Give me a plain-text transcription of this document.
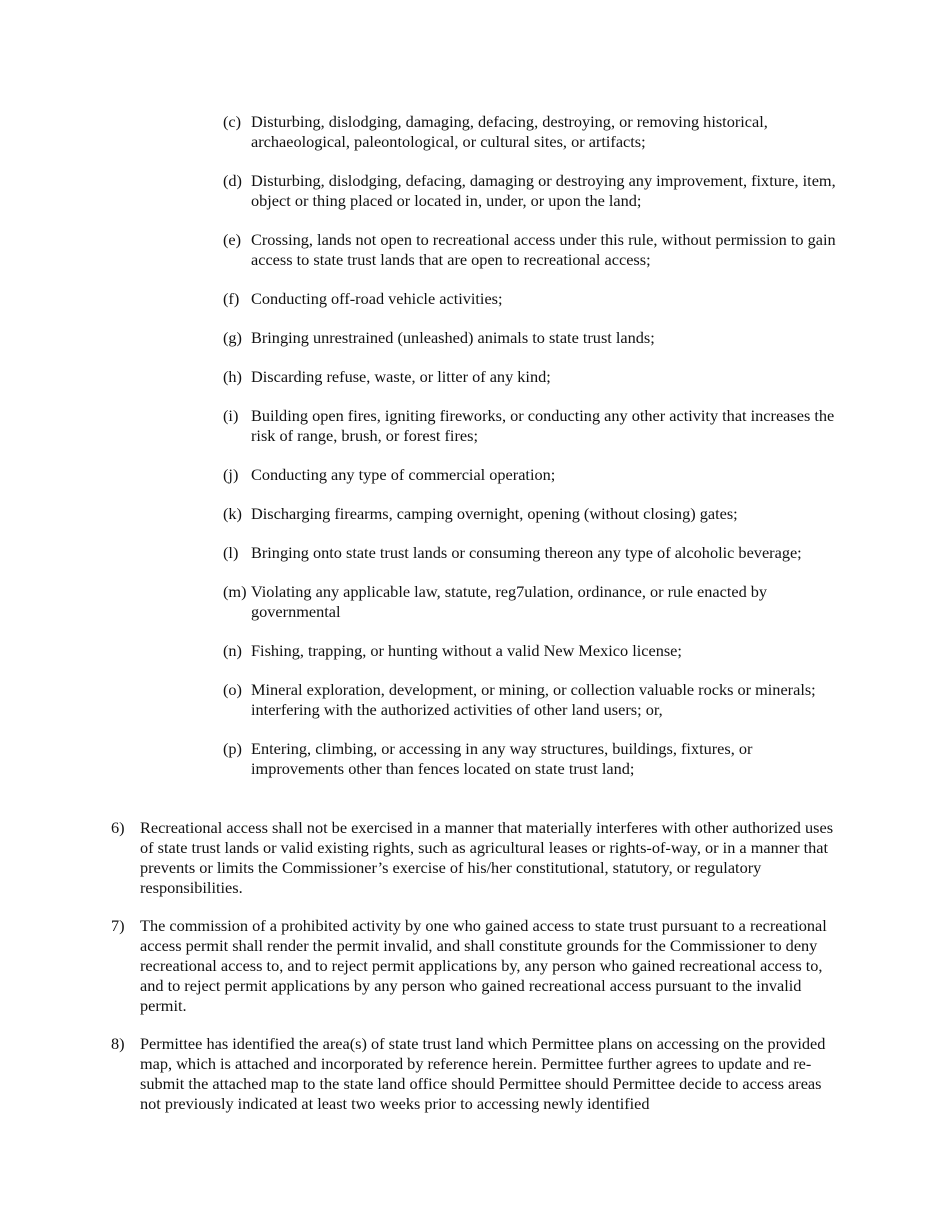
(c) Disturbing, dislodging, damaging, defacing, destroying, or removing historical, archaeological, paleontological, or cultural sites, or artifacts;
(d) Disturbing, dislodging, defacing, damaging or destroying any improvement, fixture, item, object or thing placed or located in, under, or upon the land;
(e) Crossing, lands not open to recreational access under this rule, without permission to gain access to state trust lands that are open to recreational access;
(f) Conducting off-road vehicle activities;
(g) Bringing unrestrained (unleashed) animals to state trust lands;
(h) Discarding refuse, waste, or litter of any kind;
(i) Building open fires, igniting fireworks, or conducting any other activity that increases the risk of range, brush, or forest fires;
(j) Conducting any type of commercial operation;
(k) Discharging firearms, camping overnight, opening (without closing) gates;
(l) Bringing onto state trust lands or consuming thereon any type of alcoholic beverage;
(m) Violating any applicable law, statute, reg7ulation, ordinance, or rule enacted by governmental
(n) Fishing, trapping, or hunting without a valid New Mexico license;
(o) Mineral exploration, development, or mining, or collection valuable rocks or minerals; interfering with the authorized activities of other land users; or,
(p) Entering, climbing, or accessing in any way structures, buildings, fixtures, or improvements other than fences located on state trust land;
6) Recreational access shall not be exercised in a manner that materially interferes with other authorized uses of state trust lands or valid existing rights, such as agricultural leases or rights-of-way, or in a manner that prevents or limits the Commissioner’s exercise of his/her constitutional, statutory, or regulatory responsibilities.
7) The commission of a prohibited activity by one who gained access to state trust pursuant to a recreational access permit shall render the permit invalid, and shall constitute grounds for the Commissioner to deny recreational access to, and to reject permit applications by, any person who gained recreational access to, and to reject permit applications by any person who gained recreational access pursuant to the invalid permit.
8) Permittee has identified the area(s) of state trust land which Permittee plans on accessing on the provided map, which is attached and incorporated by reference herein. Permittee further agrees to update and re-submit the attached map to the state land office should Permittee should Permittee decide to access areas not previously indicated at least two weeks prior to accessing newly identified
